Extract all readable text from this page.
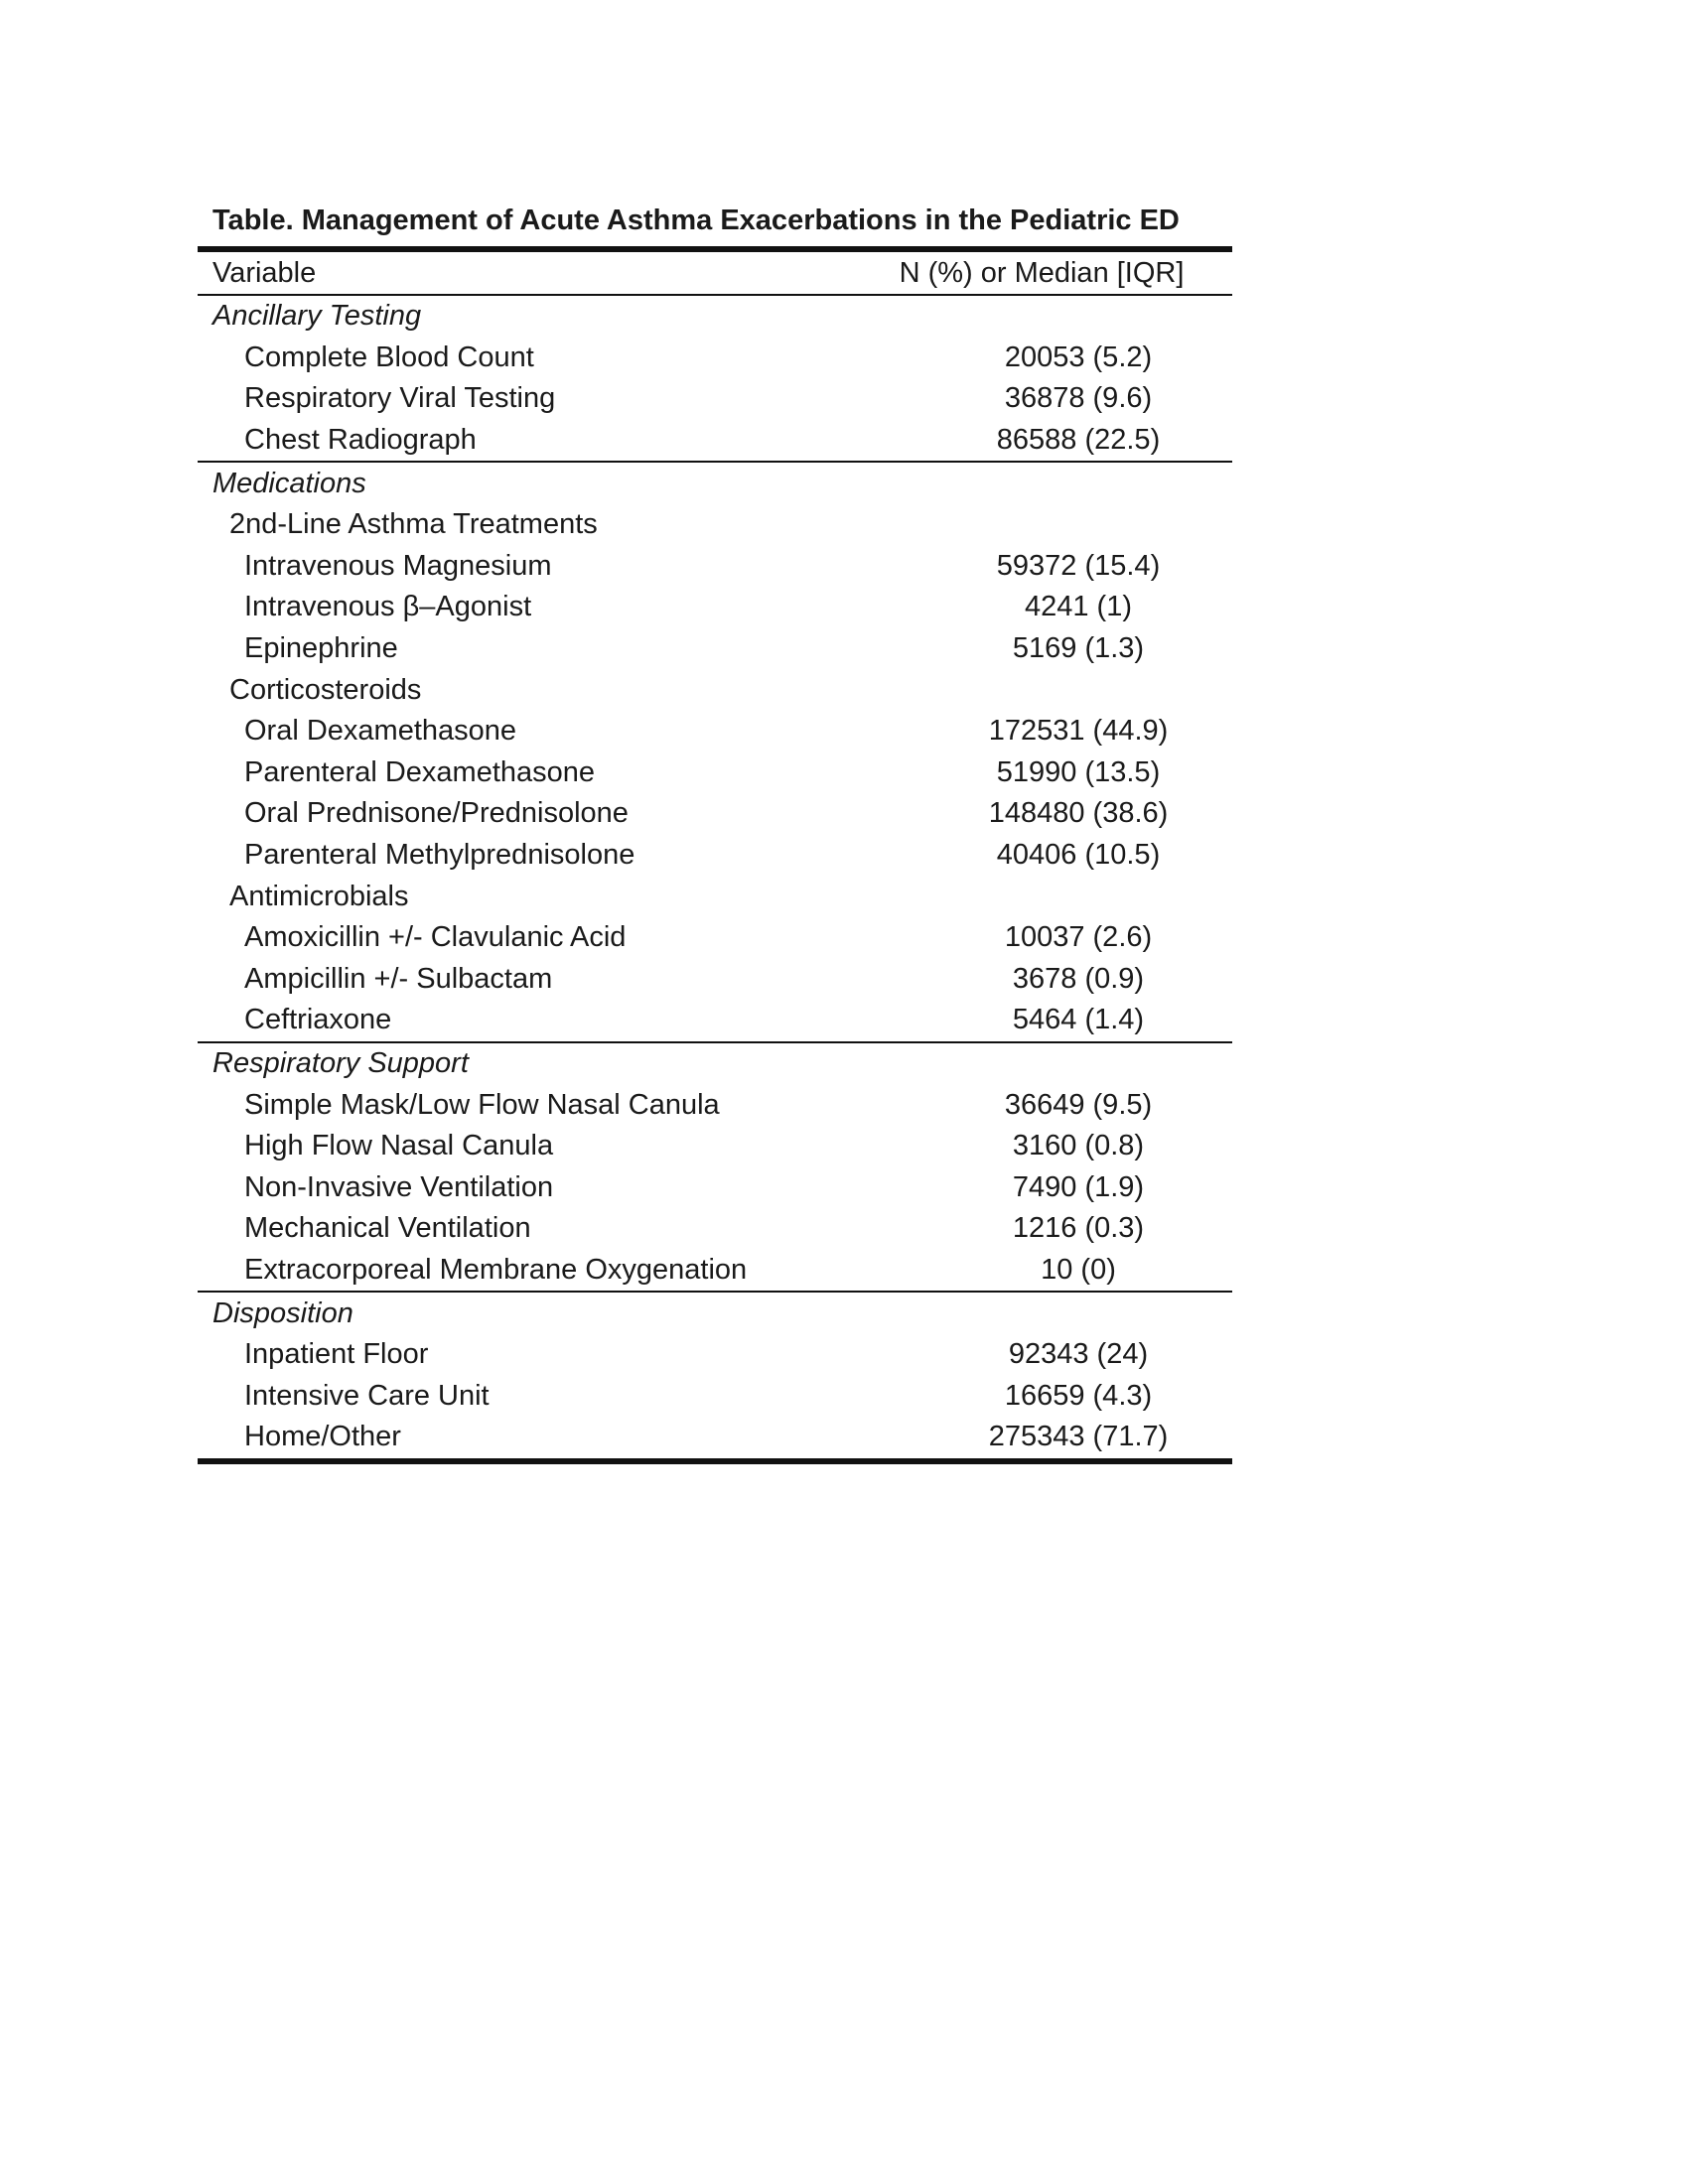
Table. Management of Acute Asthma Exacerbations in the Pediatric ED
Variable	N (%) or Median [IQR]
Ancillary Testing
Complete Blood Count	20053 (5.2)
Respiratory Viral Testing	36878 (9.6)
Chest Radiograph	86588 (22.5)
Medications
2nd-Line Asthma Treatments
Intravenous Magnesium	59372 (15.4)
Intravenous β–Agonist	4241 (1)
Epinephrine	5169 (1.3)
Corticosteroids
Oral Dexamethasone	172531 (44.9)
Parenteral Dexamethasone	51990 (13.5)
Oral Prednisone/Prednisolone	148480 (38.6)
Parenteral Methylprednisolone	40406 (10.5)
Antimicrobials
Amoxicillin +/- Clavulanic Acid	10037 (2.6)
Ampicillin +/- Sulbactam	3678 (0.9)
Ceftriaxone	5464 (1.4)
Respiratory Support
Simple Mask/Low Flow Nasal Canula	36649 (9.5)
High Flow Nasal Canula	3160 (0.8)
Non-Invasive Ventilation	7490 (1.9)
Mechanical Ventilation	1216 (0.3)
Extracorporeal Membrane Oxygenation	10 (0)
Disposition
Inpatient Floor	92343 (24)
Intensive Care Unit	16659 (4.3)
Home/Other	275343 (71.7)
